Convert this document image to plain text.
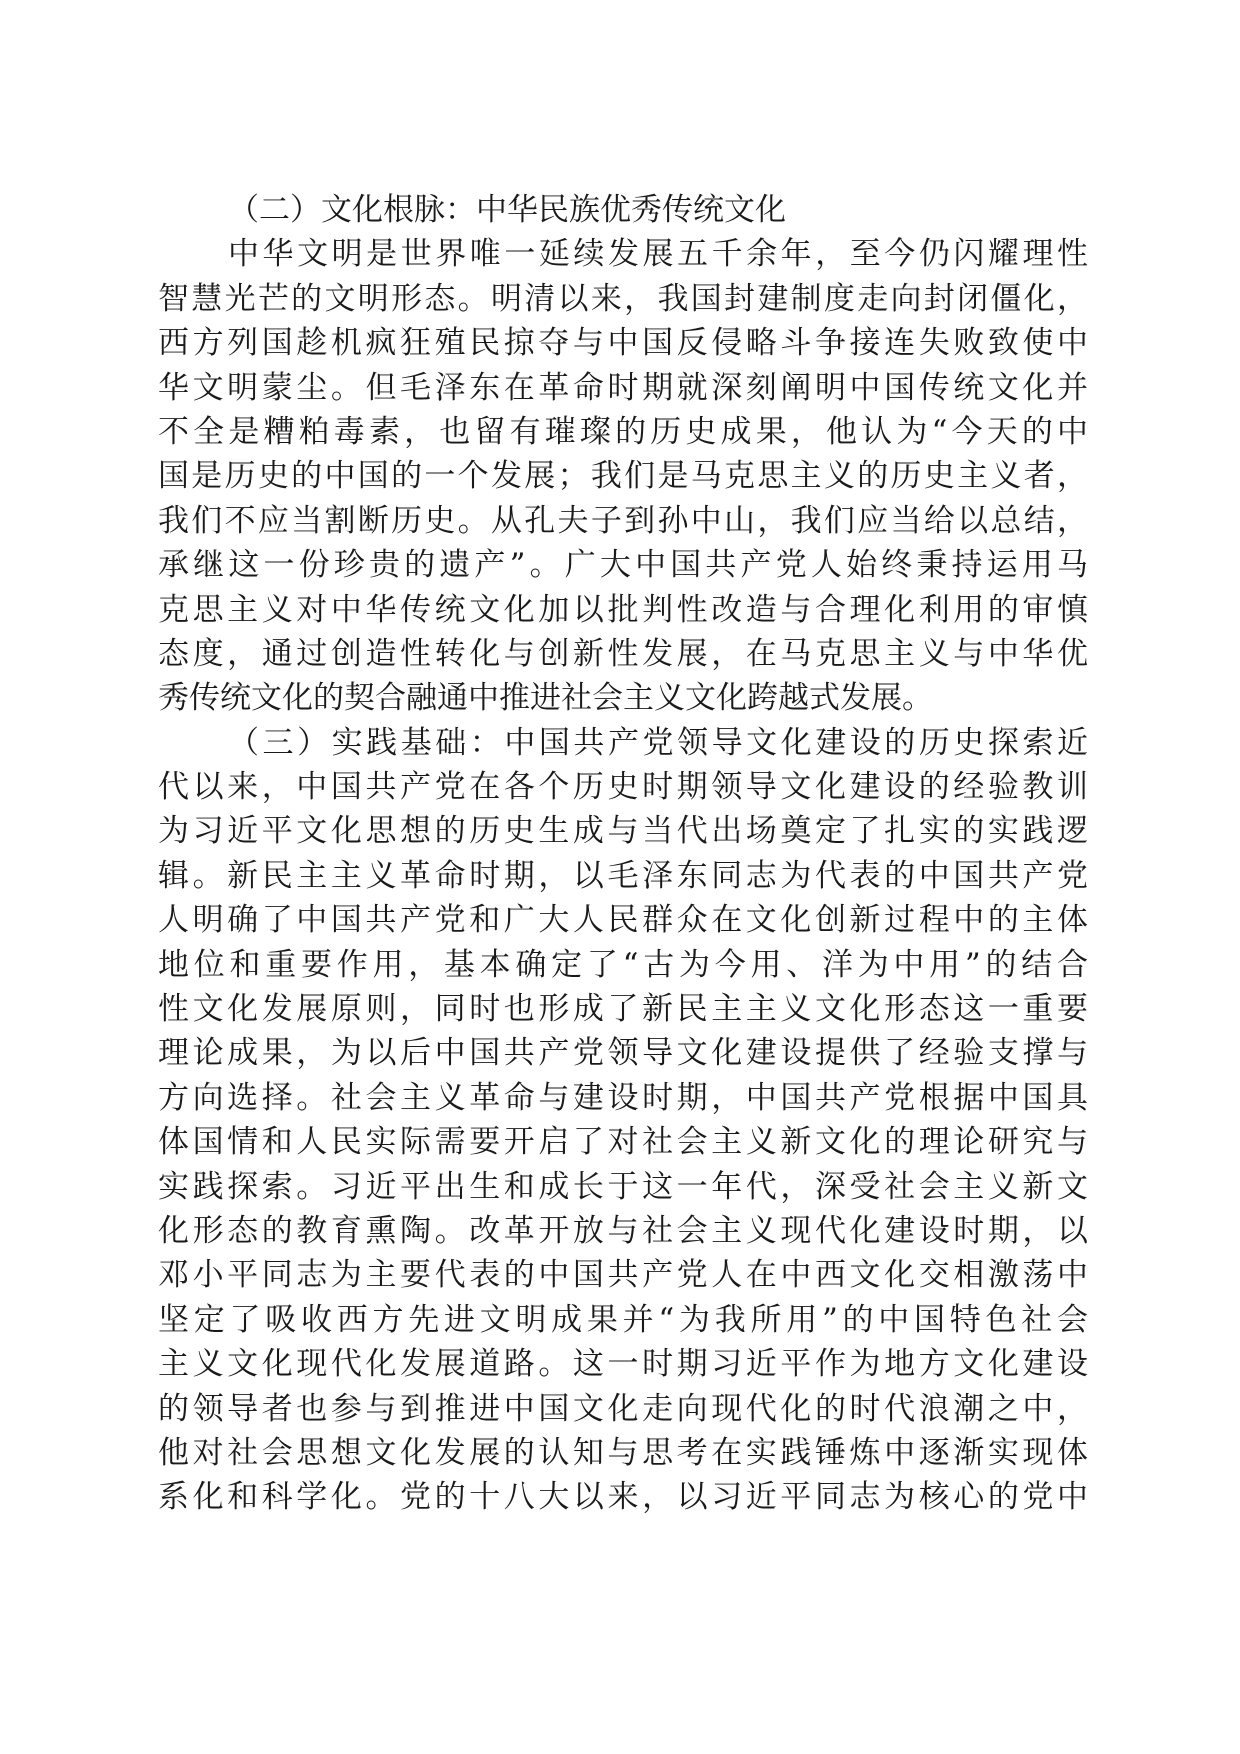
（二）文化根脉：中华民族优秀传统文化
中华文明是世界唯一延续发展五千余年，至今仍闪耀理性
智慧光芒的文明形态。明清以来，我国封建制度走向封闭僵化，
西方列国趁机疯狂殖民掠夺与中国反侵略斗争接连失败致使中
华文明蒙尘。但毛泽东在革命时期就深刻阐明中国传统文化并
不全是糟粕毒素，也留有璀璨的历史成果，他认为“今天的中
国是历史的中国的一个发展；我们是马克思主义的历史主义者，
我们不应当割断历史。从孔夫子到孙中山，我们应当给以总结，
承继这一份珍贵的遗产”。广大中国共产党人始终秉持运用马
克思主义对中华传统文化加以批判性改造与合理化利用的审慎
态度，通过创造性转化与创新性发展，在马克思主义与中华优
秀传统文化的契合融通中推进社会主义文化跨越式发展。
（三）实践基础：中国共产党领导文化建设的历史探索近
代以来，中国共产党在各个历史时期领导文化建设的经验教训
为习近平文化思想的历史生成与当代出场奠定了扎实的实践逻
辑。新民主主义革命时期，以毛泽东同志为代表的中国共产党
人明确了中国共产党和广大人民群众在文化创新过程中的主体
地位和重要作用，基本确定了“古为今用、洋为中用”的结合
性文化发展原则，同时也形成了新民主主义文化形态这一重要
理论成果，为以后中国共产党领导文化建设提供了经验支撑与
方向选择。社会主义革命与建设时期，中国共产党根据中国具
体国情和人民实际需要开启了对社会主义新文化的理论研究与
实践探索。习近平出生和成长于这一年代，深受社会主义新文
化形态的教育熏陶。改革开放与社会主义现代化建设时期，以
邓小平同志为主要代表的中国共产党人在中西文化交相激荡中
坚定了吸收西方先进文明成果并“为我所用”的中国特色社会
主义文化现代化发展道路。这一时期习近平作为地方文化建设
的领导者也参与到推进中国文化走向现代化的时代浪潮之中，
他对社会思想文化发展的认知与思考在实践锤炼中逐渐实现体
系化和科学化。党的十八大以来，以习近平同志为核心的党中
